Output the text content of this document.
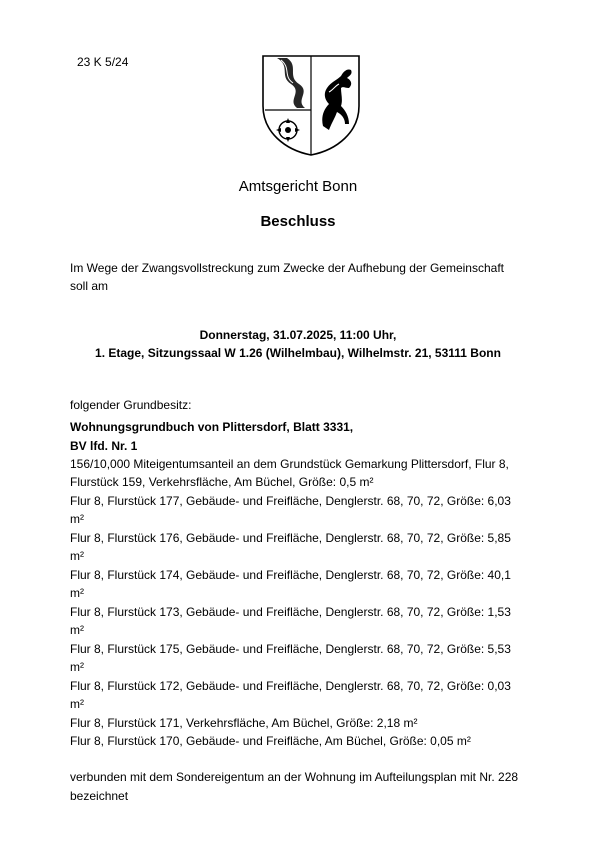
23 K 5/24
Amtsgericht Bonn
Beschluss
Im Wege der Zwangsvollstreckung zum Zwecke der Aufhebung der Gemeinschaft
soll am
Donnerstag, 31.07.2025, 11:00 Uhr,
1. Etage, Sitzungssaal W 1.26 (Wilhelmbau), Wilhelmstr. 21, 53111 Bonn
folgender Grundbesitz:
Wohnungsgrundbuch von Plittersdorf, Blatt 3331,
BV lfd. Nr. 1
156/10,000 Miteigentumsanteil an dem Grundstück Gemarkung Plittersdorf, Flur 8,
Flurstück 159, Verkehrsfläche, Am Büchel, Größe: 0,5 m²
Flur 8, Flurstück 177, Gebäude- und Freifläche, Denglerstr. 68, 70, 72, Größe: 6,03
m²
Flur 8, Flurstück 176, Gebäude- und Freifläche, Denglerstr. 68, 70, 72, Größe: 5,85
m²
Flur 8, Flurstück 174, Gebäude- und Freifläche, Denglerstr. 68, 70, 72, Größe: 40,1
m²
Flur 8, Flurstück 173, Gebäude- und Freifläche, Denglerstr. 68, 70, 72, Größe: 1,53
m²
Flur 8, Flurstück 175, Gebäude- und Freifläche, Denglerstr. 68, 70, 72, Größe: 5,53
m²
Flur 8, Flurstück 172, Gebäude- und Freifläche, Denglerstr. 68, 70, 72, Größe: 0,03
m²
Flur 8, Flurstück 171, Verkehrsfläche, Am Büchel, Größe: 2,18 m²
Flur 8, Flurstück 170, Gebäude- und Freifläche, Am Büchel, Größe: 0,05 m²
verbunden mit dem Sondereigentum an der Wohnung im Aufteilungsplan mit Nr. 228
bezeichnet
